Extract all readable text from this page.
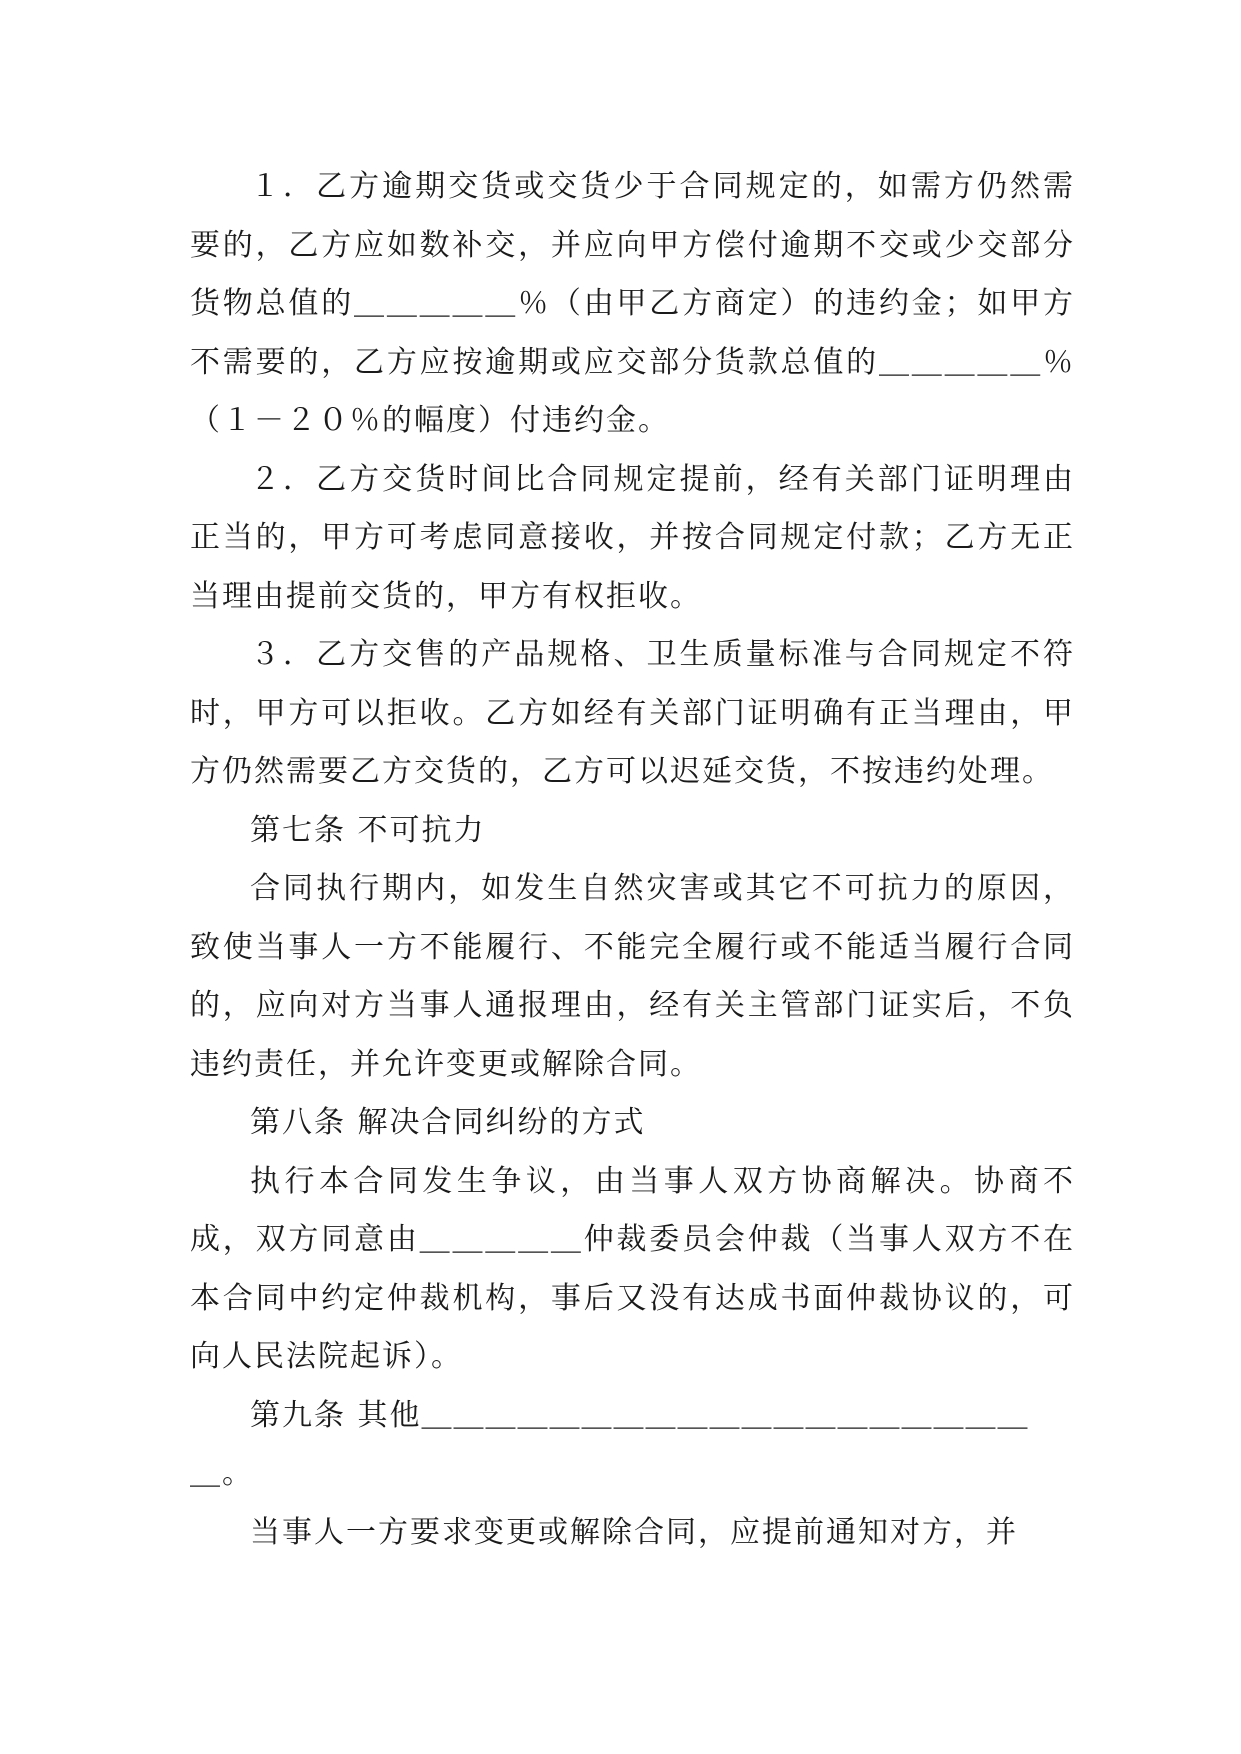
１．乙方逾期交货或交货少于合同规定的，如需方仍然需要的，乙方应如数补交，并应向甲方偿付逾期不交或少交部分货物总值的＿＿＿＿＿％（由甲乙方商定）的违约金；如甲方不需要的，乙方应按逾期或应交部分货款总值的＿＿＿＿＿％（１－２０％的幅度）付违约金。

２．乙方交货时间比合同规定提前，经有关部门证明理由正当的，甲方可考虑同意接收，并按合同规定付款；乙方无正当理由提前交货的，甲方有权拒收。

３．乙方交售的产品规格、卫生质量标准与合同规定不符时，甲方可以拒收。乙方如经有关部门证明确有正当理由，甲方仍然需要乙方交货的，乙方可以迟延交货，不按违约处理。

第七条 不可抗力

合同执行期内，如发生自然灾害或其它不可抗力的原因，致使当事人一方不能履行、不能完全履行或不能适当履行合同的，应向对方当事人通报理由，经有关主管部门证实后，不负违约责任，并允许变更或解除合同。

第八条 解决合同纠纷的方式

执行本合同发生争议，由当事人双方协商解决。协商不成，双方同意由＿＿＿＿＿仲裁委员会仲裁（当事人双方不在本合同中约定仲裁机构，事后又没有达成书面仲裁协议的，可向人民法院起诉）。

第九条 其他＿＿＿＿＿＿＿＿＿＿＿＿＿＿＿＿＿＿＿＿。

当事人一方要求变更或解除合同，应提前通知对方，并
